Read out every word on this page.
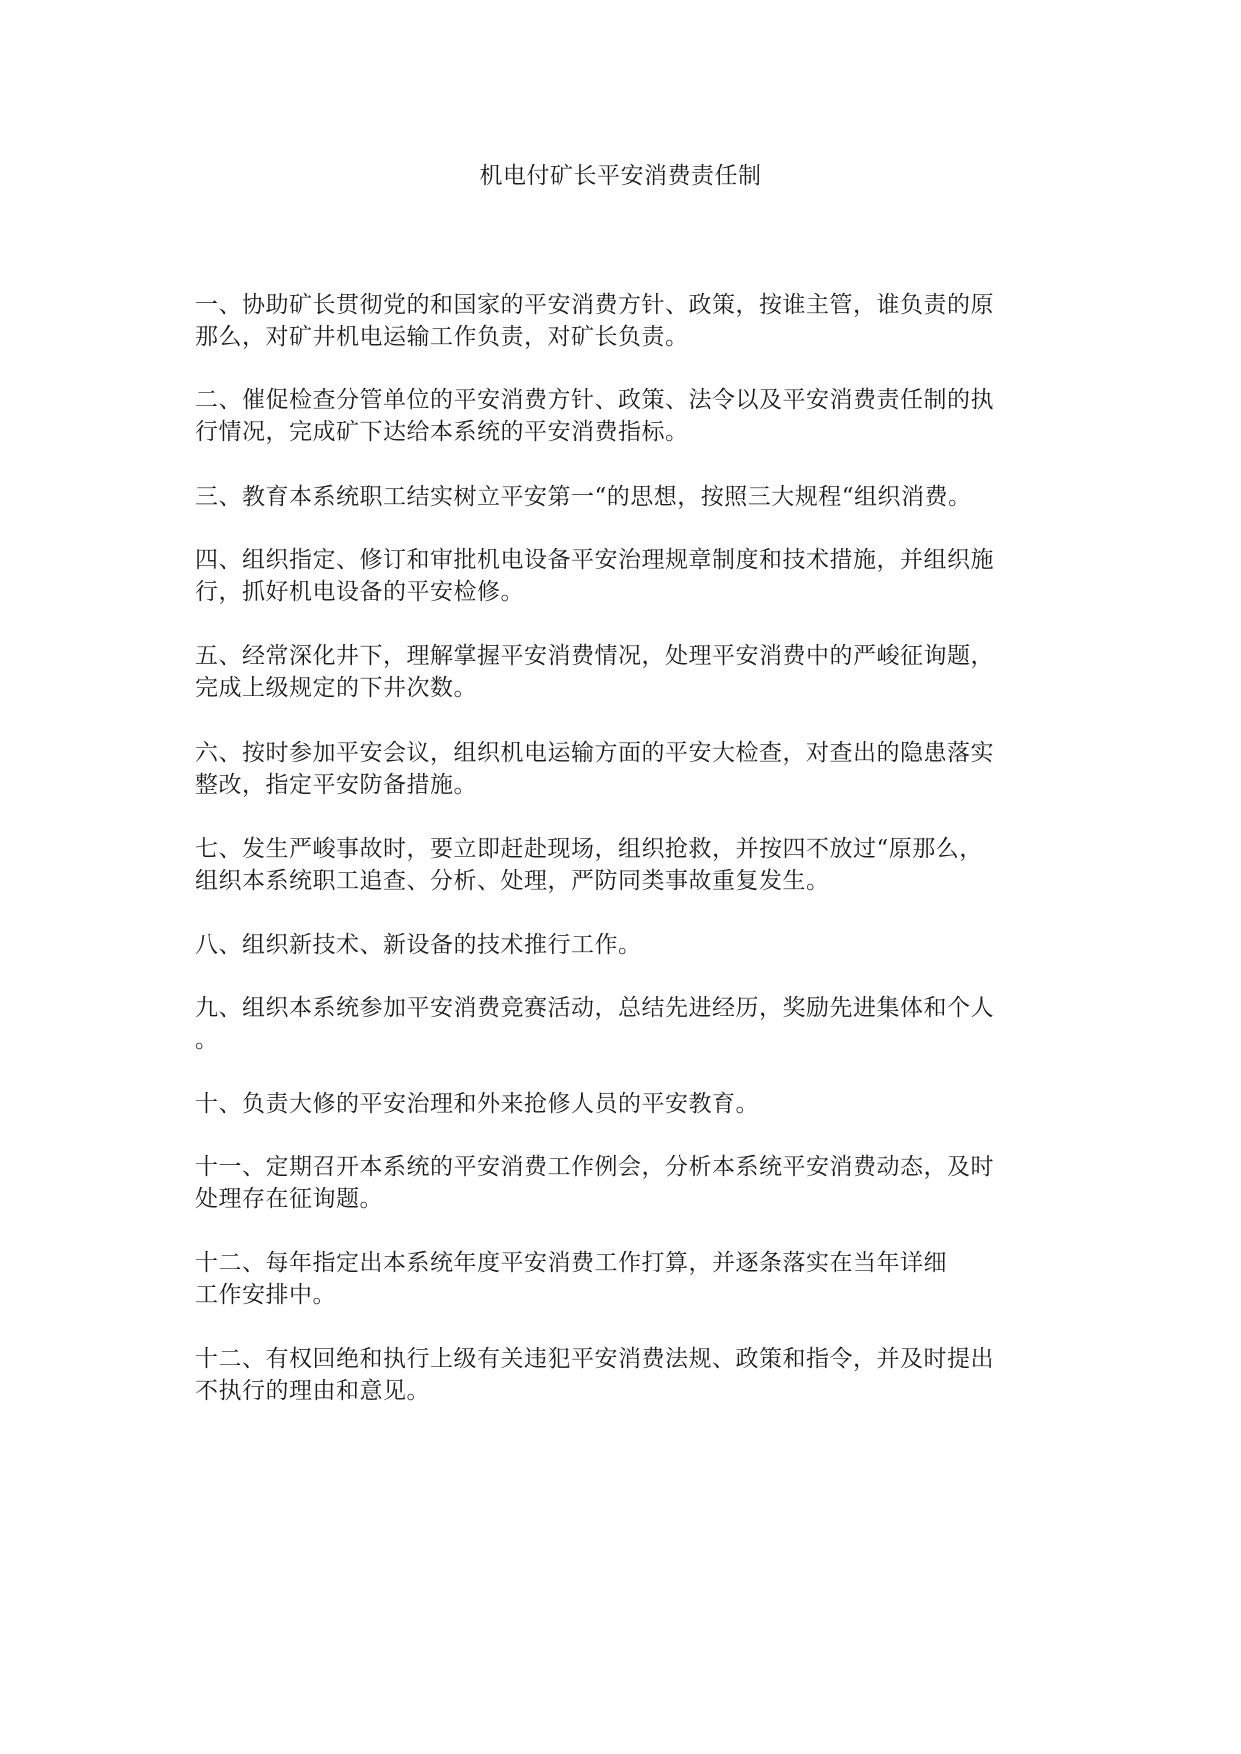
机电付矿长平安消费责任制

一、协助矿长贯彻党的和国家的平安消费方针、政策，按谁主管，谁负责的原
那么，对矿井机电运输工作负责，对矿长负责。

二、催促检查分管单位的平安消费方针、政策、法令以及平安消费责任制的执
行情况，完成矿下达给本系统的平安消费指标。

三、教育本系统职工结实树立平安第一“的思想，按照三大规程“组织消费。

四、组织指定、修订和审批机电设备平安治理规章制度和技术措施，并组织施
行，抓好机电设备的平安检修。

五、经常深化井下，理解掌握平安消费情况，处理平安消费中的严峻征询题，
完成上级规定的下井次数。

六、按时参加平安会议，组织机电运输方面的平安大检查，对查出的隐患落实
整改，指定平安防备措施。

七、发生严峻事故时，要立即赶赴现场，组织抢救，并按四不放过“原那么，
组织本系统职工追查、分析、处理，严防同类事故重复发生。

八、组织新技术、新设备的技术推行工作。

九、组织本系统参加平安消费竞赛活动，总结先进经历，奖励先进集体和个人
。

十、负责大修的平安治理和外来抢修人员的平安教育。

十一、定期召开本系统的平安消费工作例会，分析本系统平安消费动态，及时
处理存在征询题。

十二、每年指定出本系统年度平安消费工作打算，并逐条落实在当年详细
工作安排中。

十二、有权回绝和执行上级有关违犯平安消费法规、政策和指令，并及时提出
不执行的理由和意见。
